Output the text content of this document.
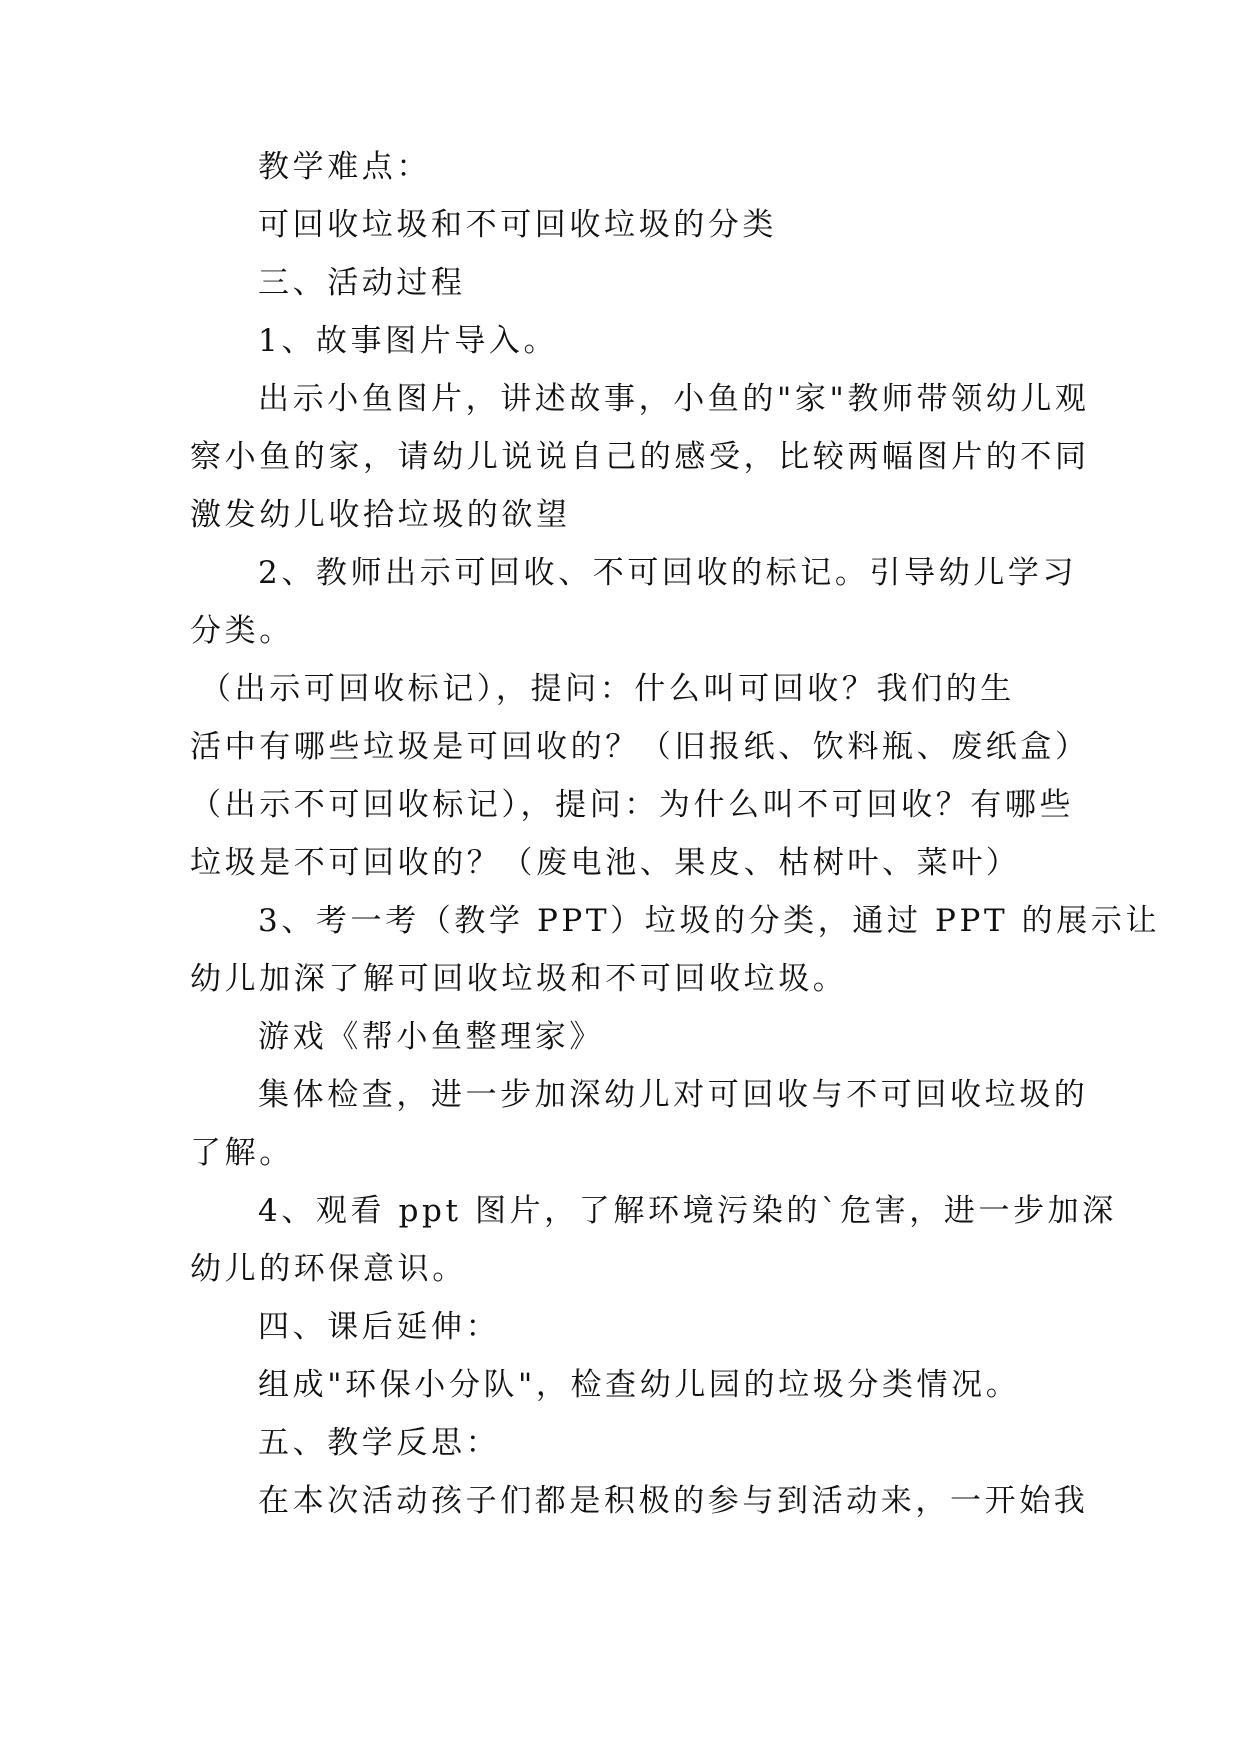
教学难点：
可回收垃圾和不可回收垃圾的分类
三、活动过程
1、故事图片导入。
出示小鱼图片，讲述故事，小鱼的"家"教师带领幼儿观
察小鱼的家，请幼儿说说自己的感受，比较两幅图片的不同
激发幼儿收拾垃圾的欲望
2、教师出示可回收、不可回收的标记。引导幼儿学习
分类。
（出示可回收标记），提问：什么叫可回收？我们的生
活中有哪些垃圾是可回收的？（旧报纸、饮料瓶、废纸盒）
（出示不可回收标记），提问：为什么叫不可回收？有哪些
垃圾是不可回收的？（废电池、果皮、枯树叶、菜叶）
3、考一考（教学 PPT）垃圾的分类，通过 PPT 的展示让
幼儿加深了解可回收垃圾和不可回收垃圾。
游戏《帮小鱼整理家》
集体检查，进一步加深幼儿对可回收与不可回收垃圾的
了解。
4、观看 ppt 图片，了解环境污染的`危害，进一步加深
幼儿的环保意识。
四、课后延伸：
组成"环保小分队"，检查幼儿园的垃圾分类情况。
五、教学反思：
在本次活动孩子们都是积极的参与到活动来，一开始我
